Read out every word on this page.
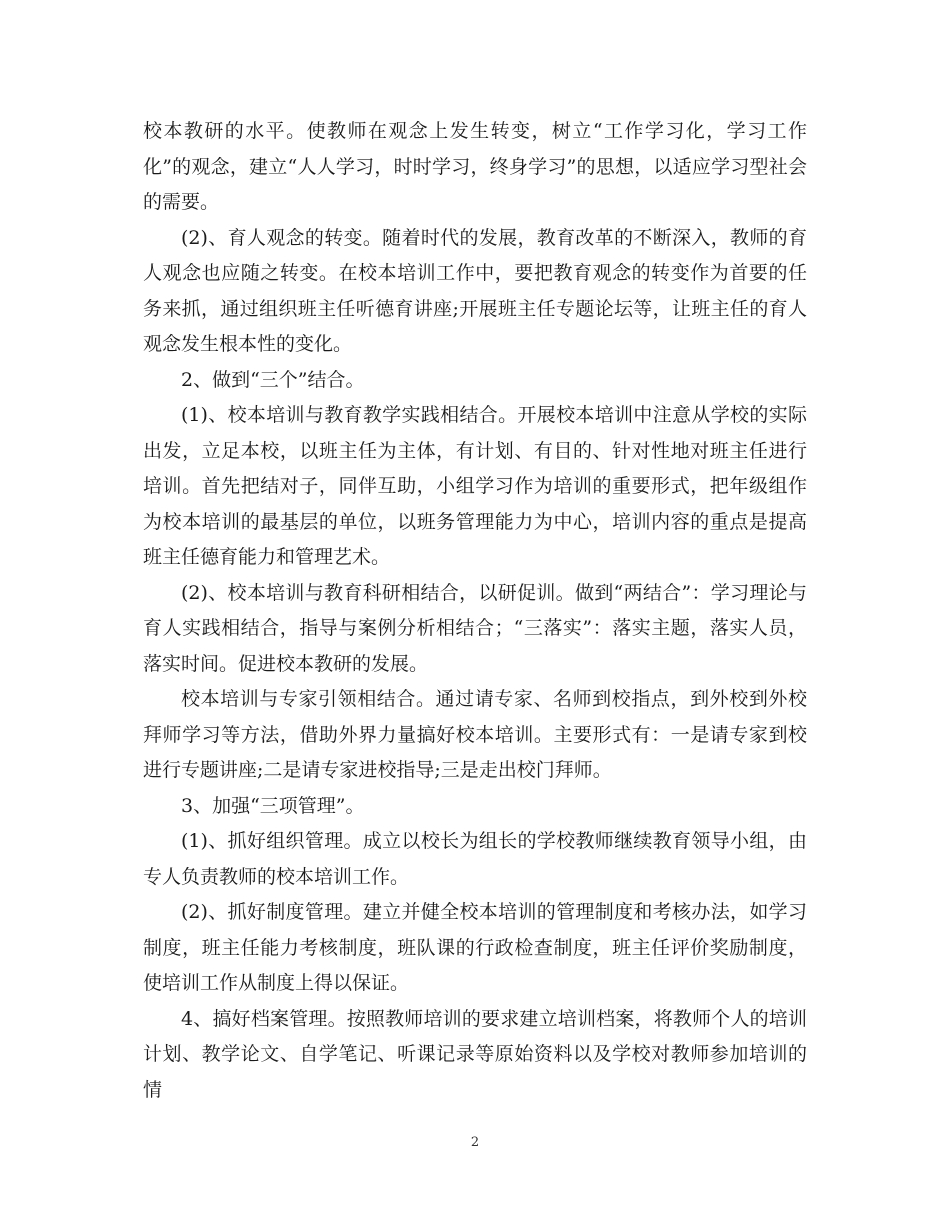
校本教研的水平。使教师在观念上发生转变，树立“工作学习化，学习工作化”的观念，建立“人人学习，时时学习，终身学习”的思想，以适应学习型社会的需要。

(2)、育人观念的转变。随着时代的发展，教育改革的不断深入，教师的育人观念也应随之转变。在校本培训工作中，要把教育观念的转变作为首要的任务来抓，通过组织班主任听德育讲座;开展班主任专题论坛等，让班主任的育人观念发生根本性的变化。

2、做到“三个”结合。

(1)、校本培训与教育教学实践相结合。开展校本培训中注意从学校的实际出发，立足本校，以班主任为主体，有计划、有目的、针对性地对班主任进行培训。首先把结对子，同伴互助，小组学习作为培训的重要形式，把年级组作为校本培训的最基层的单位，以班务管理能力为中心，培训内容的重点是提高班主任德育能力和管理艺术。

(2)、校本培训与教育科研相结合，以研促训。做到“两结合”：学习理论与育人实践相结合，指导与案例分析相结合；“三落实”：落实主题，落实人员，落实时间。促进校本教研的发展。

校本培训与专家引领相结合。通过请专家、名师到校指点，到外校到外校拜师学习等方法，借助外界力量搞好校本培训。主要形式有：一是请专家到校进行专题讲座;二是请专家进校指导;三是走出校门拜师。

3、加强“三项管理”。

(1)、抓好组织管理。成立以校长为组长的学校教师继续教育领导小组，由专人负责教师的校本培训工作。

(2)、抓好制度管理。建立并健全校本培训的管理制度和考核办法，如学习制度，班主任能力考核制度，班队课的行政检查制度，班主任评价奖励制度，使培训工作从制度上得以保证。

4、搞好档案管理。按照教师培训的要求建立培训档案，将教师个人的培训计划、教学论文、自学笔记、听课记录等原始资料以及学校对教师参加培训的情

2
